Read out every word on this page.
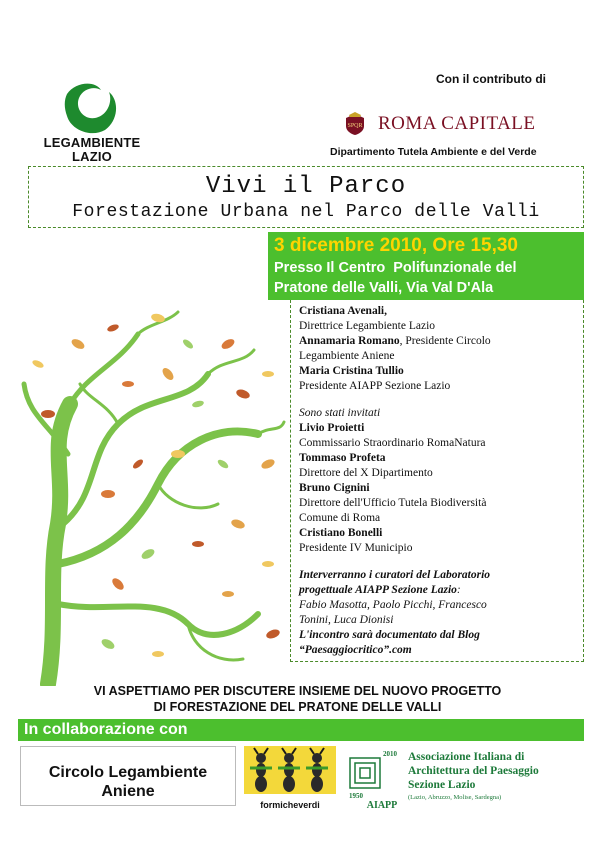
LEGAMBIENTE
LAZIO
Con il contributo di
SPQR ROMA CAPITALE
Dipartimento Tutela Ambiente e del Verde
Vivi il Parco
Forestazione Urbana nel Parco delle Valli
3 dicembre 2010, Ore 15,30
Presso Il Centro  Polifunzionale del
Pratone delle Valli, Via Val D'Ala
Cristiana Avenali,
Direttrice Legambiente Lazio
Annamaria Romano, Presidente Circolo
Legambiente Aniene
Maria Cristina Tullio
Presidente AIAPP Sezione Lazio
Sono stati invitati
Livio Proietti
Commissario Straordinario RomaNatura
Tommaso Profeta
Direttore del X Dipartimento
Bruno Cignini
Direttore dell'Ufficio Tutela Biodiversità
Comune di Roma
Cristiano Bonelli
Presidente IV Municipio
Interverranno i curatori del Laboratorio
progettuale AIAPP Sezione Lazio:
Fabio Masotta, Paolo Picchi, Francesco
Tonini, Luca Dionisi
L'incontro sarà documentato dal Blog
“Paesaggiocritico”.com
VI ASPETTIAMO PER DISCUTERE INSIEME DEL NUOVO PROGETTO
DI FORESTAZIONE DEL PRATONE DELLE VALLI
In collaborazione con
Circolo Legambiente
Aniene
formicheverdi
2010
1950
AIAPP
Associazione Italiana di
Architettura del Paesaggio
Sezione Lazio
(Lazio, Abruzzo, Molise, Sardegna)
